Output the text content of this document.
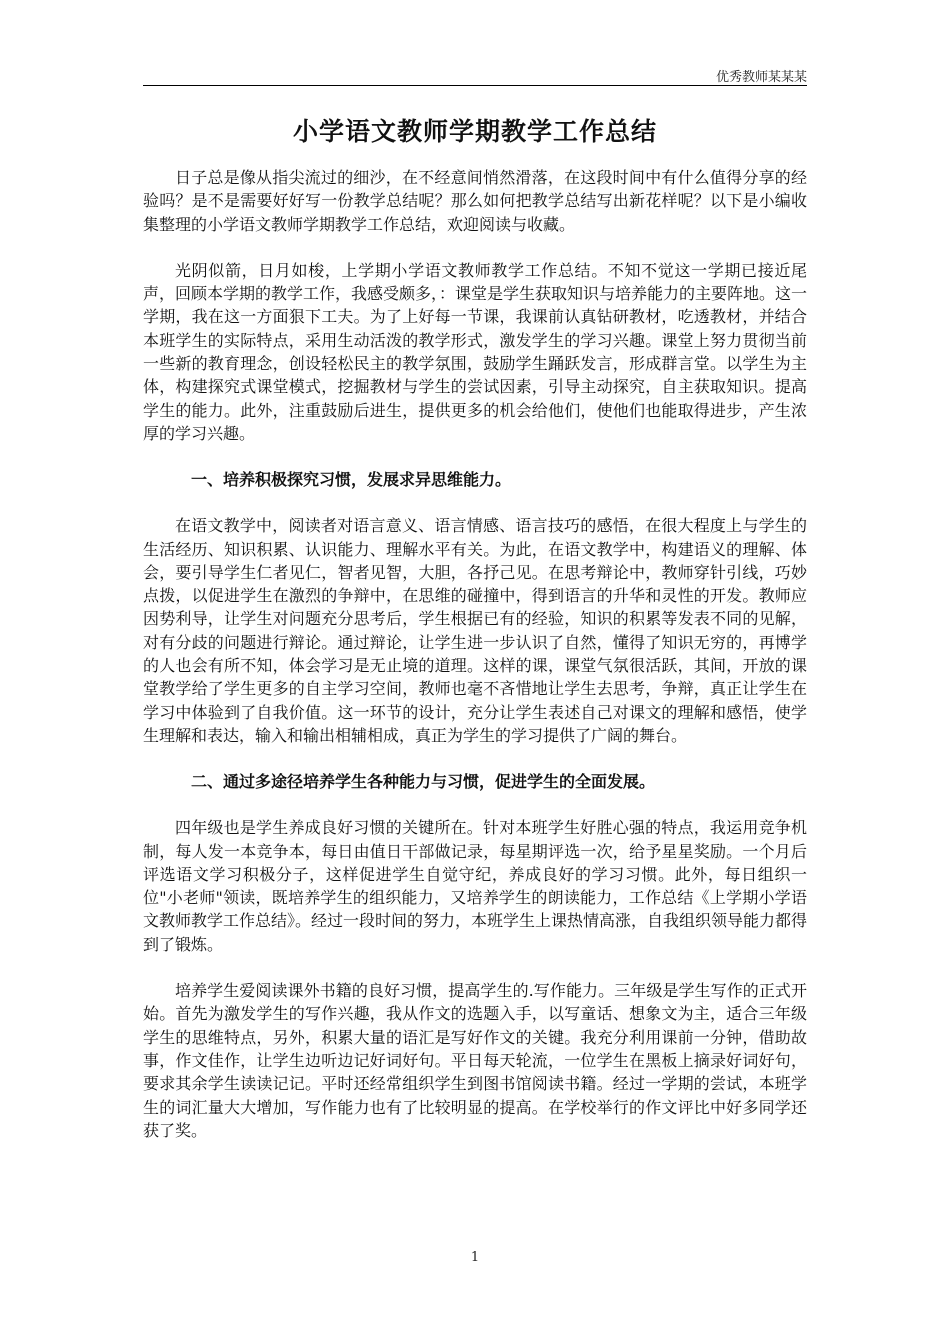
优秀教师某某某
小学语文教师学期教学工作总结

日子总是像从指尖流过的细沙，在不经意间悄然滑落，在这段时间中有什么值得分享的经验吗？是不是需要好好写一份教学总结呢？那么如何把教学总结写出新花样呢？以下是小编收集整理的小学语文教师学期教学工作总结，欢迎阅读与收藏。

光阴似箭，日月如梭，上学期小学语文教师教学工作总结。不知不觉这一学期已接近尾声，回顾本学期的教学工作，我感受颇多，：课堂是学生获取知识与培养能力的主要阵地。这一学期，我在这一方面狠下工夫。为了上好每一节课，我课前认真钻研教材，吃透教材，并结合本班学生的实际特点，采用生动活泼的教学形式，激发学生的学习兴趣。课堂上努力贯彻当前一些新的教育理念，创设轻松民主的教学氛围，鼓励学生踊跃发言，形成群言堂。以学生为主体，构建探究式课堂模式，挖掘教材与学生的尝试因素，引导主动探究，自主获取知识。提高学生的能力。此外，注重鼓励后进生，提供更多的机会给他们，使他们也能取得进步，产生浓厚的学习兴趣。

一、培养积极探究习惯，发展求异思维能力。

在语文教学中，阅读者对语言意义、语言情感、语言技巧的感悟，在很大程度上与学生的生活经历、知识积累、认识能力、理解水平有关。为此，在语文教学中，构建语义的理解、体会，要引导学生仁者见仁，智者见智，大胆，各抒己见。在思考辩论中，教师穿针引线，巧妙点拨，以促进学生在激烈的争辩中，在思维的碰撞中，得到语言的升华和灵性的开发。教师应因势利导，让学生对问题充分思考后，学生根据已有的经验，知识的积累等发表不同的见解，对有分歧的问题进行辩论。通过辩论，让学生进一步认识了自然，懂得了知识无穷的，再博学的人也会有所不知，体会学习是无止境的道理。这样的课，课堂气氛很活跃，其间，开放的课堂教学给了学生更多的自主学习空间，教师也毫不吝惜地让学生去思考，争辩，真正让学生在学习中体验到了自我价值。这一环节的设计，充分让学生表述自己对课文的理解和感悟，使学生理解和表达，输入和输出相辅相成，真正为学生的学习提供了广阔的舞台。

二、通过多途径培养学生各种能力与习惯，促进学生的全面发展。

四年级也是学生养成良好习惯的关键所在。针对本班学生好胜心强的特点，我运用竞争机制，每人发一本竞争本，每日由值日干部做记录，每星期评选一次，给予星星奖励。一个月后评选语文学习积极分子，这样促进学生自觉守纪，养成良好的学习习惯。此外，每日组织一位"小老师"领读，既培养学生的组织能力，又培养学生的朗读能力，工作总结《上学期小学语文教师教学工作总结》。经过一段时间的努力，本班学生上课热情高涨，自我组织领导能力都得到了锻炼。

培养学生爱阅读课外书籍的良好习惯，提高学生的.写作能力。三年级是学生写作的正式开始。首先为激发学生的写作兴趣，我从作文的选题入手，以写童话、想象文为主，适合三年级学生的思维特点，另外，积累大量的语汇是写好作文的关键。我充分利用课前一分钟，借助故事，作文佳作，让学生边听边记好词好句。平日每天轮流，一位学生在黑板上摘录好词好句，要求其余学生读读记记。平时还经常组织学生到图书馆阅读书籍。经过一学期的尝试，本班学生的词汇量大大增加，写作能力也有了比较明显的提高。在学校举行的作文评比中好多同学还获了奖。

1
